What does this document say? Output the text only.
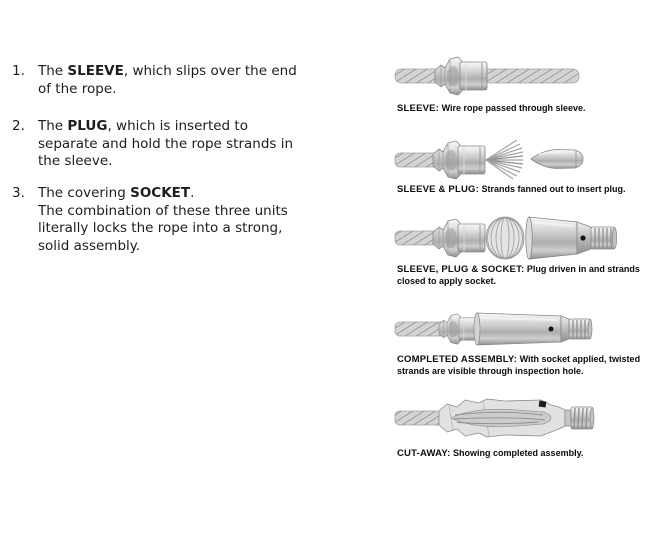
1. The SLEEVE, which slips over the end
of the rope.
2. The PLUG, which is inserted to
separate and hold the rope strands in
the sleeve.
3. The covering SOCKET.
The combination of these three units
literally locks the rope into a strong,
solid assembly.
SLEEVE: Wire rope passed through sleeve.
SLEEVE & PLUG: Strands fanned out to insert plug.
SLEEVE, PLUG & SOCKET: Plug driven in and strands closed to apply socket.
COMPLETED ASSEMBLY: With socket applied, twisted strands are visible through inspection hole.
CUT-AWAY: Showing completed assembly.
